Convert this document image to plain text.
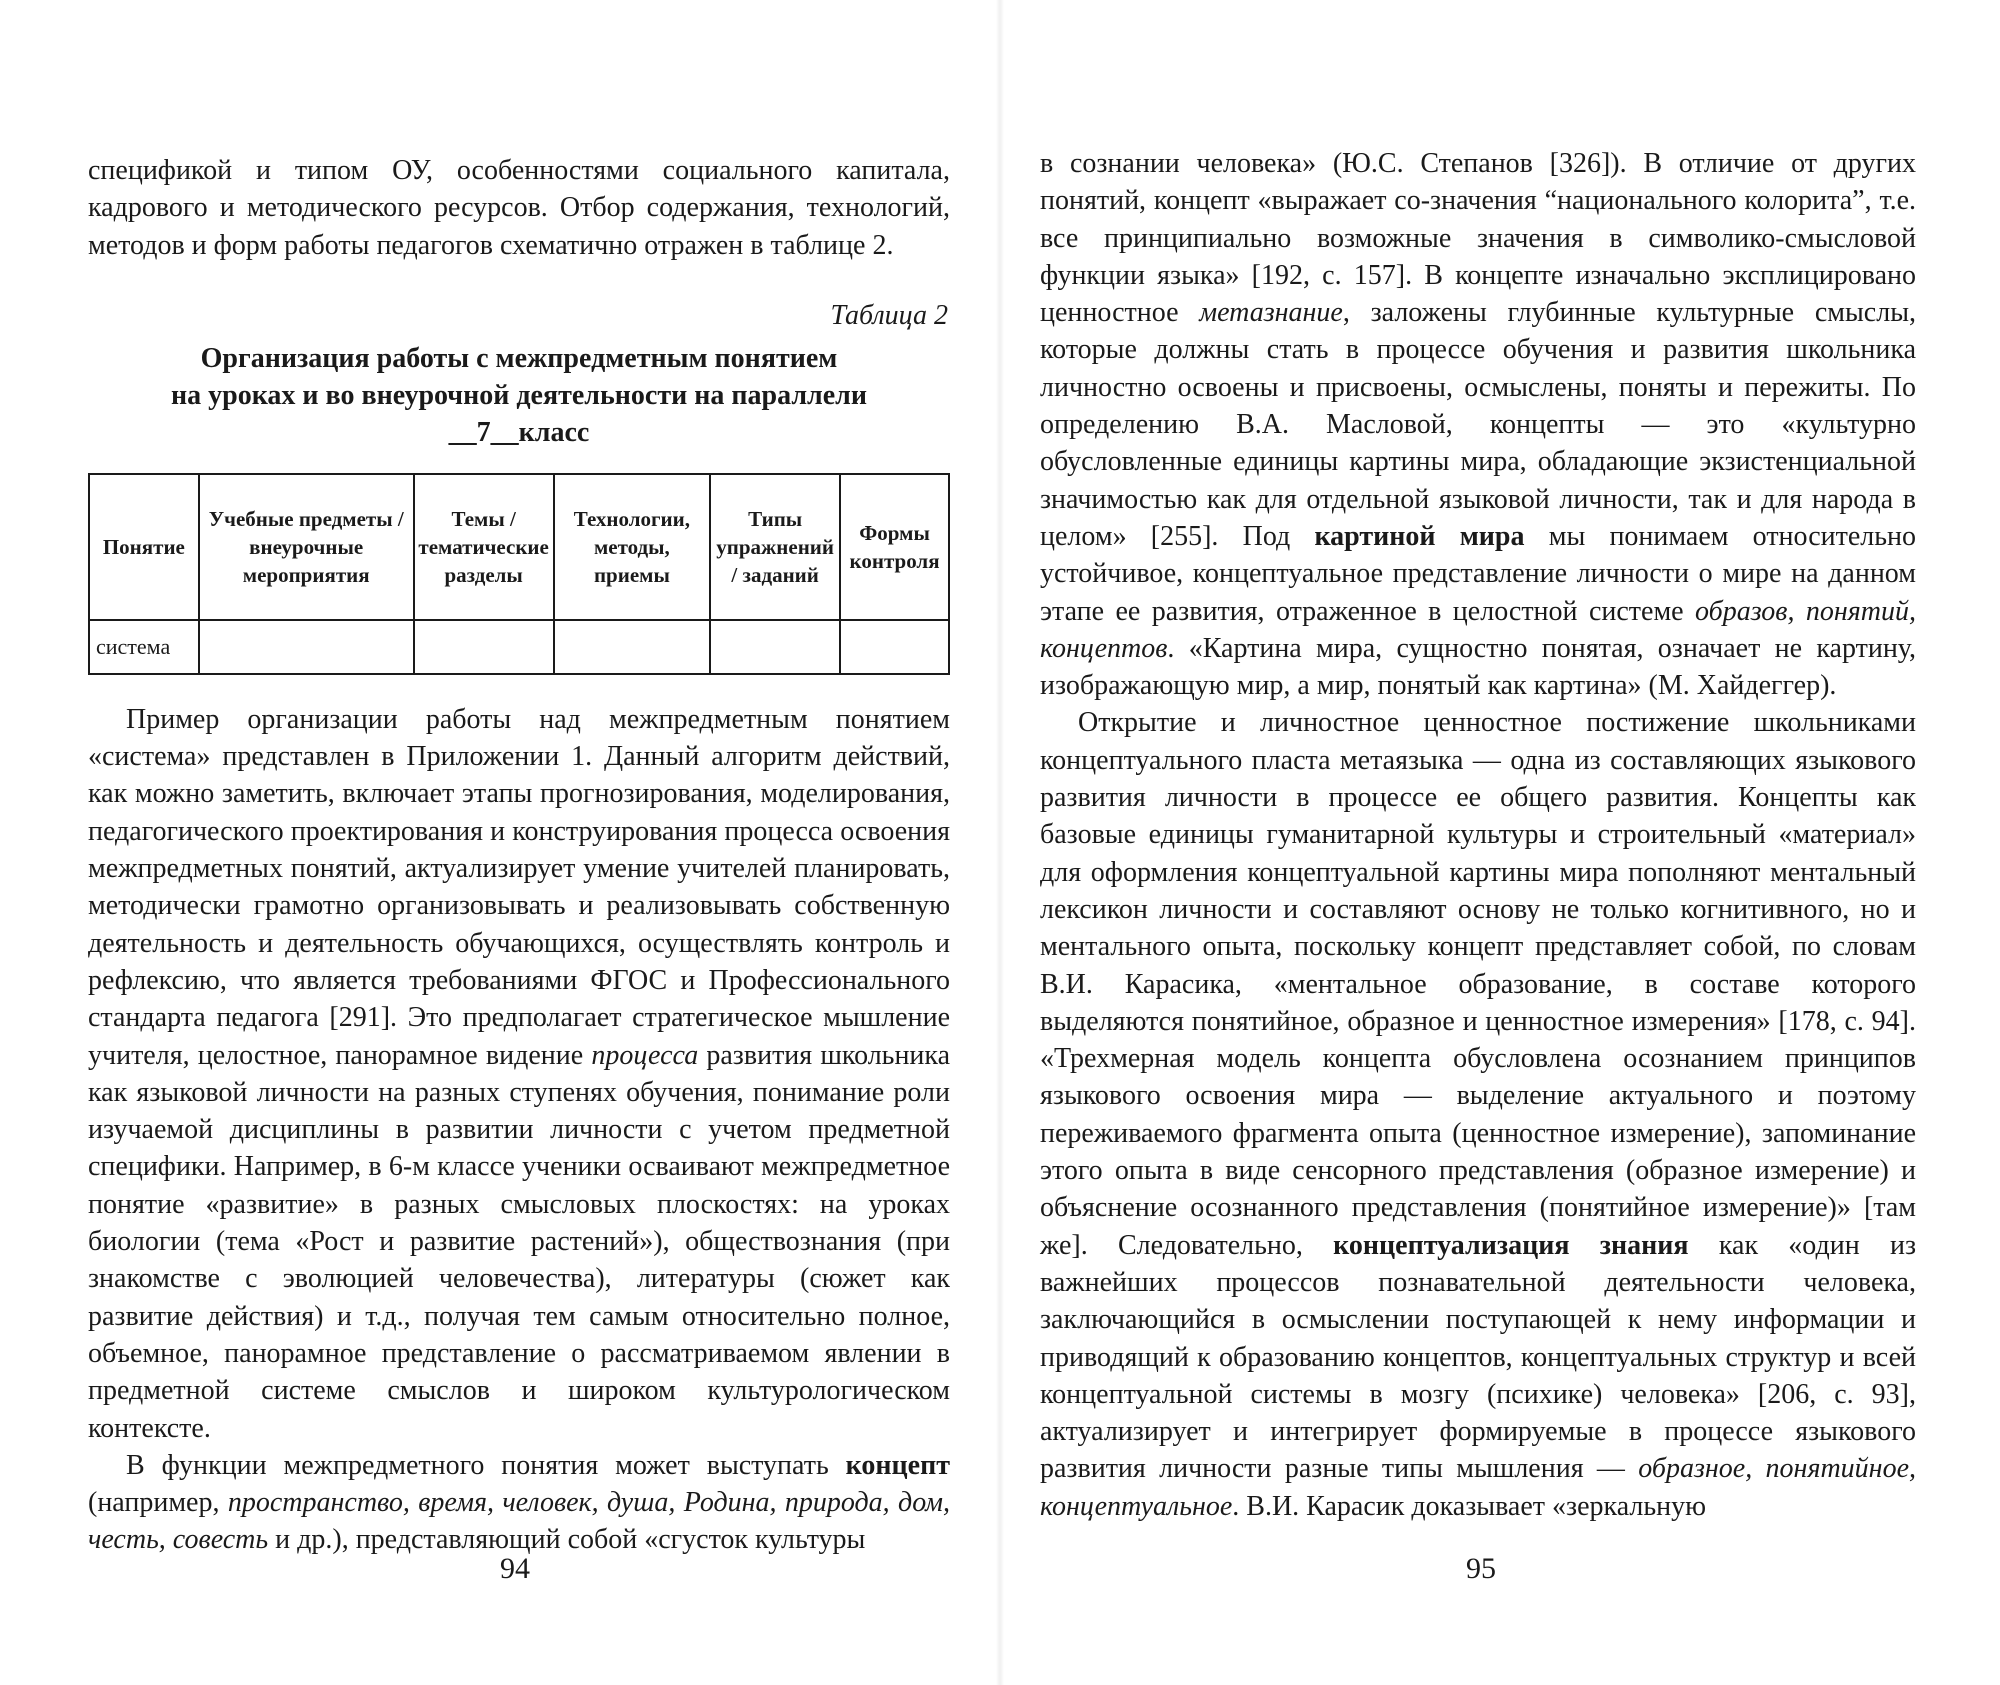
спецификой и типом ОУ, особенностями социального капитала, кадрового и методического ресурсов. Отбор содержания, технологий, методов и форм работы педагогов схематично отражен в таблице 2.

Таблица 2
Организация работы с межпредметным понятием
на уроках и во внеурочной деятельности на параллели
__7__класс
Понятие	Учебные предметы / внеурочные мероприятия	Темы / тематические разделы	Технологии, методы, приемы	Типы упражнений / заданий	Формы контроля
система					

Пример организации работы над межпредметным понятием «система» представлен в Приложении 1. Данный алгоритм действий, как можно заметить, включает этапы прогнозирования, моделирования, педагогического проектирования и конструирования процесса освоения межпредметных понятий, актуализирует умение учителей планировать, методически грамотно организовывать и реализовывать собственную деятельность и деятельность обучающихся, осуществлять контроль и рефлексию, что является требованиями ФГОС и Профессионального стандарта педагога [291]. Это предполагает стратегическое мышление учителя, целостное, панорамное видение процесса развития школьника как языковой личности на разных ступенях обучения, понимание роли изучаемой дисциплины в развитии личности с учетом предметной специфики. Например, в 6-м классе ученики осваивают межпредметное понятие «развитие» в разных смысловых плоскостях: на уроках биологии (тема «Рост и развитие растений»), обществознания (при знакомстве с эволюцией человечества), литературы (сюжет как развитие действия) и т.д., получая тем самым относительно полное, объемное, панорамное представление о рассматриваемом явлении в предметной системе смыслов и широком культурологическом контексте.

В функции межпредметного понятия может выступать концепт (например, пространство, время, человек, душа, Родина, природа, дом, честь, совесть и др.), представляющий собой «сгусток культуры

94

в сознании человека» (Ю.С. Степанов [326]). В отличие от других понятий, концепт «выражает со-значения “национального колорита”, т.е. все принципиально возможные значения в символико-смысловой функции языка» [192, с. 157]. В концепте изначально эксплицировано ценностное метазнание, заложены глубинные культурные смыслы, которые должны стать в процессе обучения и развития школьника личностно освоены и присвоены, осмыслены, поняты и пережиты. По определению В.А. Масловой, концепты — это «культурно обусловленные единицы картины мира, обладающие экзистенциальной значимостью как для отдельной языковой личности, так и для народа в целом» [255]. Под картиной мира мы понимаем относительно устойчивое, концептуальное представление личности о мире на данном этапе ее развития, отраженное в целостной системе образов, понятий, концептов. «Картина мира, сущностно понятая, означает не картину, изображающую мир, а мир, понятый как картина» (М. Хайдеггер).

Открытие и личностное ценностное постижение школьниками концептуального пласта метаязыка — одна из составляющих языкового развития личности в процессе ее общего развития. Концепты как базовые единицы гуманитарной культуры и строительный «материал» для оформления концептуальной картины мира пополняют ментальный лексикон личности и составляют основу не только когнитивного, но и ментального опыта, поскольку концепт представляет собой, по словам В.И. Карасика, «ментальное образование, в составе которого выделяются понятийное, образное и ценностное измерения» [178, с. 94]. «Трехмерная модель концепта обусловлена осознанием принципов языкового освоения мира — выделение актуального и поэтому переживаемого фрагмента опыта (ценностное измерение), запоминание этого опыта в виде сенсорного представления (образное измерение) и объяснение осознанного представления (понятийное измерение)» [там же]. Следовательно, концептуализация знания как «один из важнейших процессов познавательной деятельности человека, заключающийся в осмыслении поступающей к нему информации и приводящий к образованию концептов, концептуальных структур и всей концептуальной системы в мозгу (психике) человека» [206, с. 93], актуализирует и интегрирует формируемые в процессе языкового развития личности разные типы мышления — образное, понятийное, концептуальное. В.И. Карасик доказывает «зеркальную

95
